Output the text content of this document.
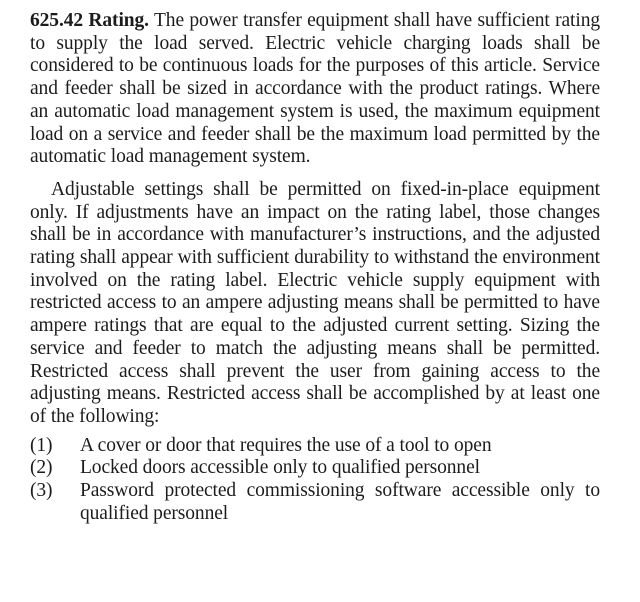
625.42 Rating. The power transfer equipment shall have sufficient rating to supply the load served. Electric vehicle charging loads shall be considered to be continuous loads for the purposes of this article. Service and feeder shall be sized in accordance with the product ratings. Where an automatic load management system is used, the maximum equipment load on a service and feeder shall be the maximum load permitted by the automatic load management system.

Adjustable settings shall be permitted on fixed-in-place equipment only. If adjustments have an impact on the rating label, those changes shall be in accordance with manufacturer’s instructions, and the adjusted rating shall appear with sufficient durability to withstand the environment involved on the rating label. Electric vehicle supply equipment with restricted access to an ampere adjusting means shall be permitted to have ampere ratings that are equal to the adjusted current setting. Sizing the service and feeder to match the adjusting means shall be permitted. Restricted access shall prevent the user from gaining access to the adjusting means. Restricted access shall be accomplished by at least one of the following:

(1)	A cover or door that requires the use of a tool to open
(2)	Locked doors accessible only to qualified personnel
(3)	Password protected commissioning software accessible only to qualified personnel
